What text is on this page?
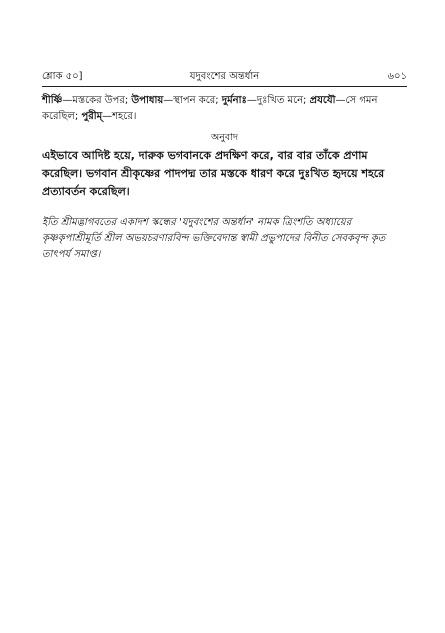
শ্লোক ৫০]	যদুবংশের অন্তর্ধান	৬০১

শীর্ষ্ণি—মস্তকের উপর; উপাধায়—স্থাপন করে; দুর্মনাঃ—দুঃখিত মনে; প্রযযৌ—সে গমন করেছিল; পুরীম্—শহরে।

অনুবাদ

এইভাবে আদিষ্ট হয়ে, দারুক ভগবানকে প্রদক্ষিণ করে, বার বার তাঁকে প্রণাম করেছিল। ভগবান শ্রীকৃষ্ণের পাদপদ্ম তার মস্তকে ধারণ করে দুঃখিত হৃদয়ে শহরে প্রত্যাবর্তন করেছিল।

ইতি শ্রীমদ্ভাগবতের একাদশ স্কন্ধের 'যদুবংশের অন্তর্ধান' নামক ত্রিংশতি অধ্যায়ের কৃষ্ণকৃপাশ্রীমূর্তি শ্রীল অভয়চরণারবিন্দ ভক্তিবেদান্ত স্বামী প্রভুপাদের বিনীত সেবকবৃন্দ কৃত তাৎপর্য সমাপ্ত।
